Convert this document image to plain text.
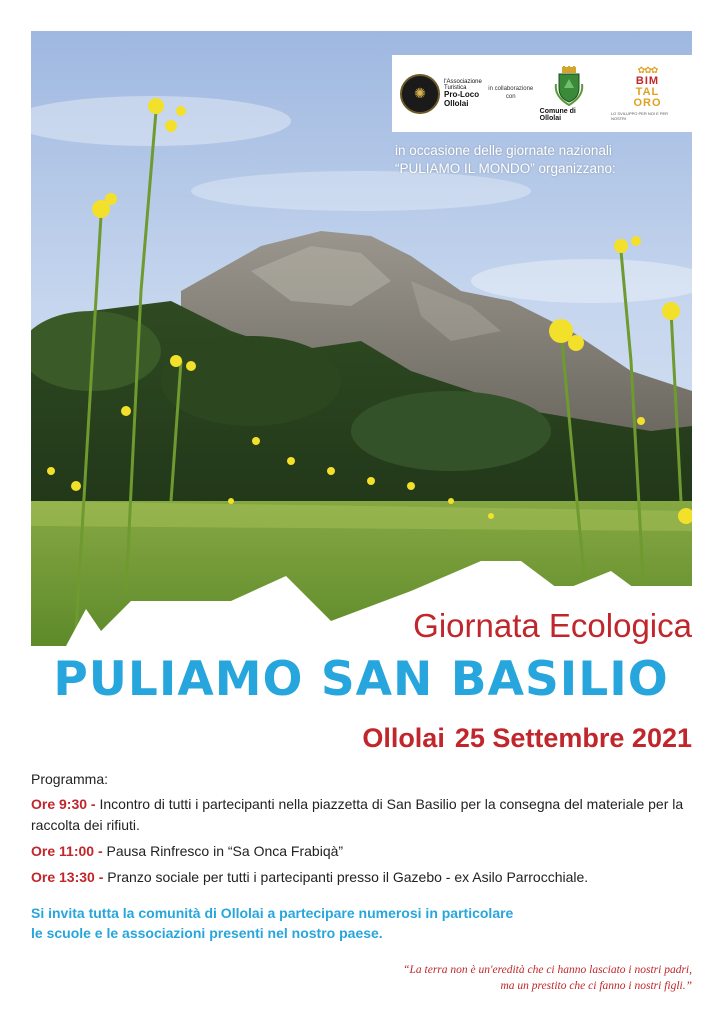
✺
l'Associazione
Turistica
Pro-Loco
Ollolai
in collaborazione con
Comune di Ollolai
✿✿✿
BIM
TAL
ORO
LO SVILUPPO PER NOI E PER NOSTRI
in occasione delle giornate nazionali
“PULIAMO IL MONDO” organizzano:
Giornata Ecologica
PULIAMO SAN BASILIO
Ollolai 25 Settembre 2021
Programma:
Ore 9:30 - Incontro di tutti i partecipanti nella piazzetta di San Basilio per la consegna del materiale per la raccolta dei rifiuti.
Ore 11:00 - Pausa Rinfresco in “Sa Onca Frabiqà”
Ore 13:30 - Pranzo sociale per tutti i partecipanti presso il Gazebo - ex Asilo Parrocchiale.
Si invita tutta la comunità di Ollolai a partecipare numerosi in particolare
le scuole e le associazioni presenti nel nostro paese.
“La terra non è un'eredità che ci hanno lasciato i nostri padri,
ma un prestito che ci fanno i nostri figli.”
